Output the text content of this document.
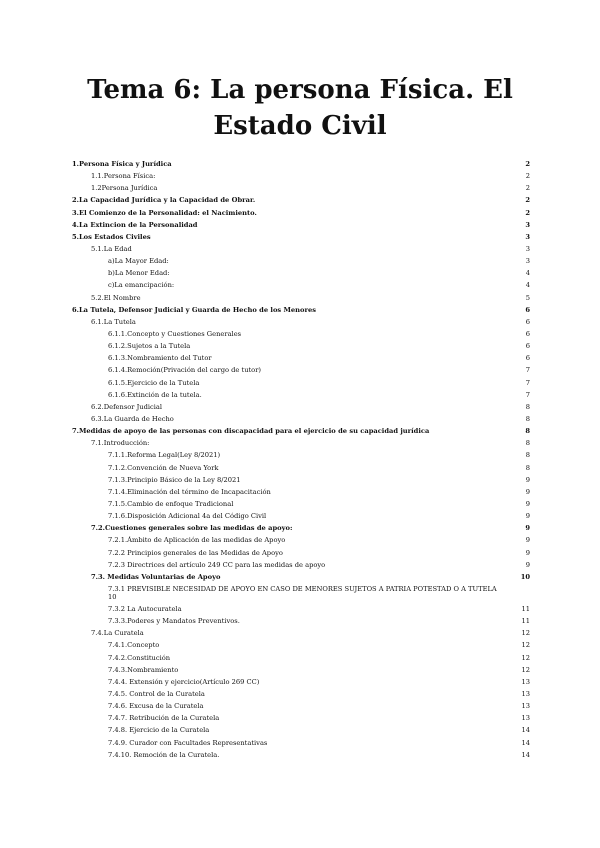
Tema 6: La persona Física. El
Estado Civil
1.Persona Física y Jurídica	2
1.1.Persona Física:	2
1.2Persona Jurídica	2
2.La Capacidad Jurídica y la Capacidad de Obrar.	2
3.El Comienzo de la Personalidad: el Nacimiento.	2
4.La Extincion de la Personalidad	3
5.Los Estados Civiles	3
5.1.La Edad	3
a)La Mayor Edad:	3
b)La Menor Edad:	4
c)La emancipación:	4
5.2.El Nombre	5
6.La Tutela, Defensor Judicial y Guarda de Hecho de los Menores	6
6.1.La Tutela	6
6.1.1.Concepto y Cuestiones Generales	6
6.1.2.Sujetos a la Tutela	6
6.1.3.Nombramiento del Tutor	6
6.1.4.Remoción(Privación del cargo de tutor)	7
6.1.5.Ejercicio de la Tutela	7
6.1.6.Extinción de la tutela.	7
6.2.Defensor Judicial	8
6.3.La Guarda de Hecho	8
7.Medidas de apoyo de las personas con discapacidad para el ejercicio de su capacidad jurídica	8
7.1.Introducción:	8
7.1.1.Reforma Legal(Ley 8/2021)	8
7.1.2.Convención de Nueva York	8
7.1.3.Principio Básico de la Ley 8/2021	9
7.1.4.Eliminación del término de Incapacitación	9
7.1.5.Cambio de enfoque Tradicional	9
7.1.6.Disposición Adicional 4a del Código Civil	9
7.2.Cuestiones generales sobre las medidas de apoyo:	9
7.2.1.Ámbito de Aplicación de las medidas de Apoyo	9
7.2.2 Principios generales de las Medidas de Apoyo	9
7.2.3 Directrices del artículo 249 CC para las medidas de apoyo	9
7.3. Medidas Voluntarias de Apoyo	10
7.3.1 PREVISIBLE NECESIDAD DE APOYO EN CASO DE MENORES SUJETOS A PATRIA POTESTAD O A TUTELA 10
7.3.2 La Autocuratela	11
7.3.3.Poderes y Mandatos Preventivos.	11
7.4.La Curatela	12
7.4.1.Concepto	12
7.4.2.Constitución	12
7.4.3.Nombramiento	12
7.4.4. Extensión y ejercicio(Artículo 269 CC)	13
7.4.5. Control de la Curatela	13
7.4.6. Excusa de la Curatela	13
7.4.7. Retribución de la Curatela	13
7.4.8. Ejercicio de la Curatela	14
7.4.9. Curador con Facultades Representativas	14
7.4.10. Remoción de la Curatela.	14
